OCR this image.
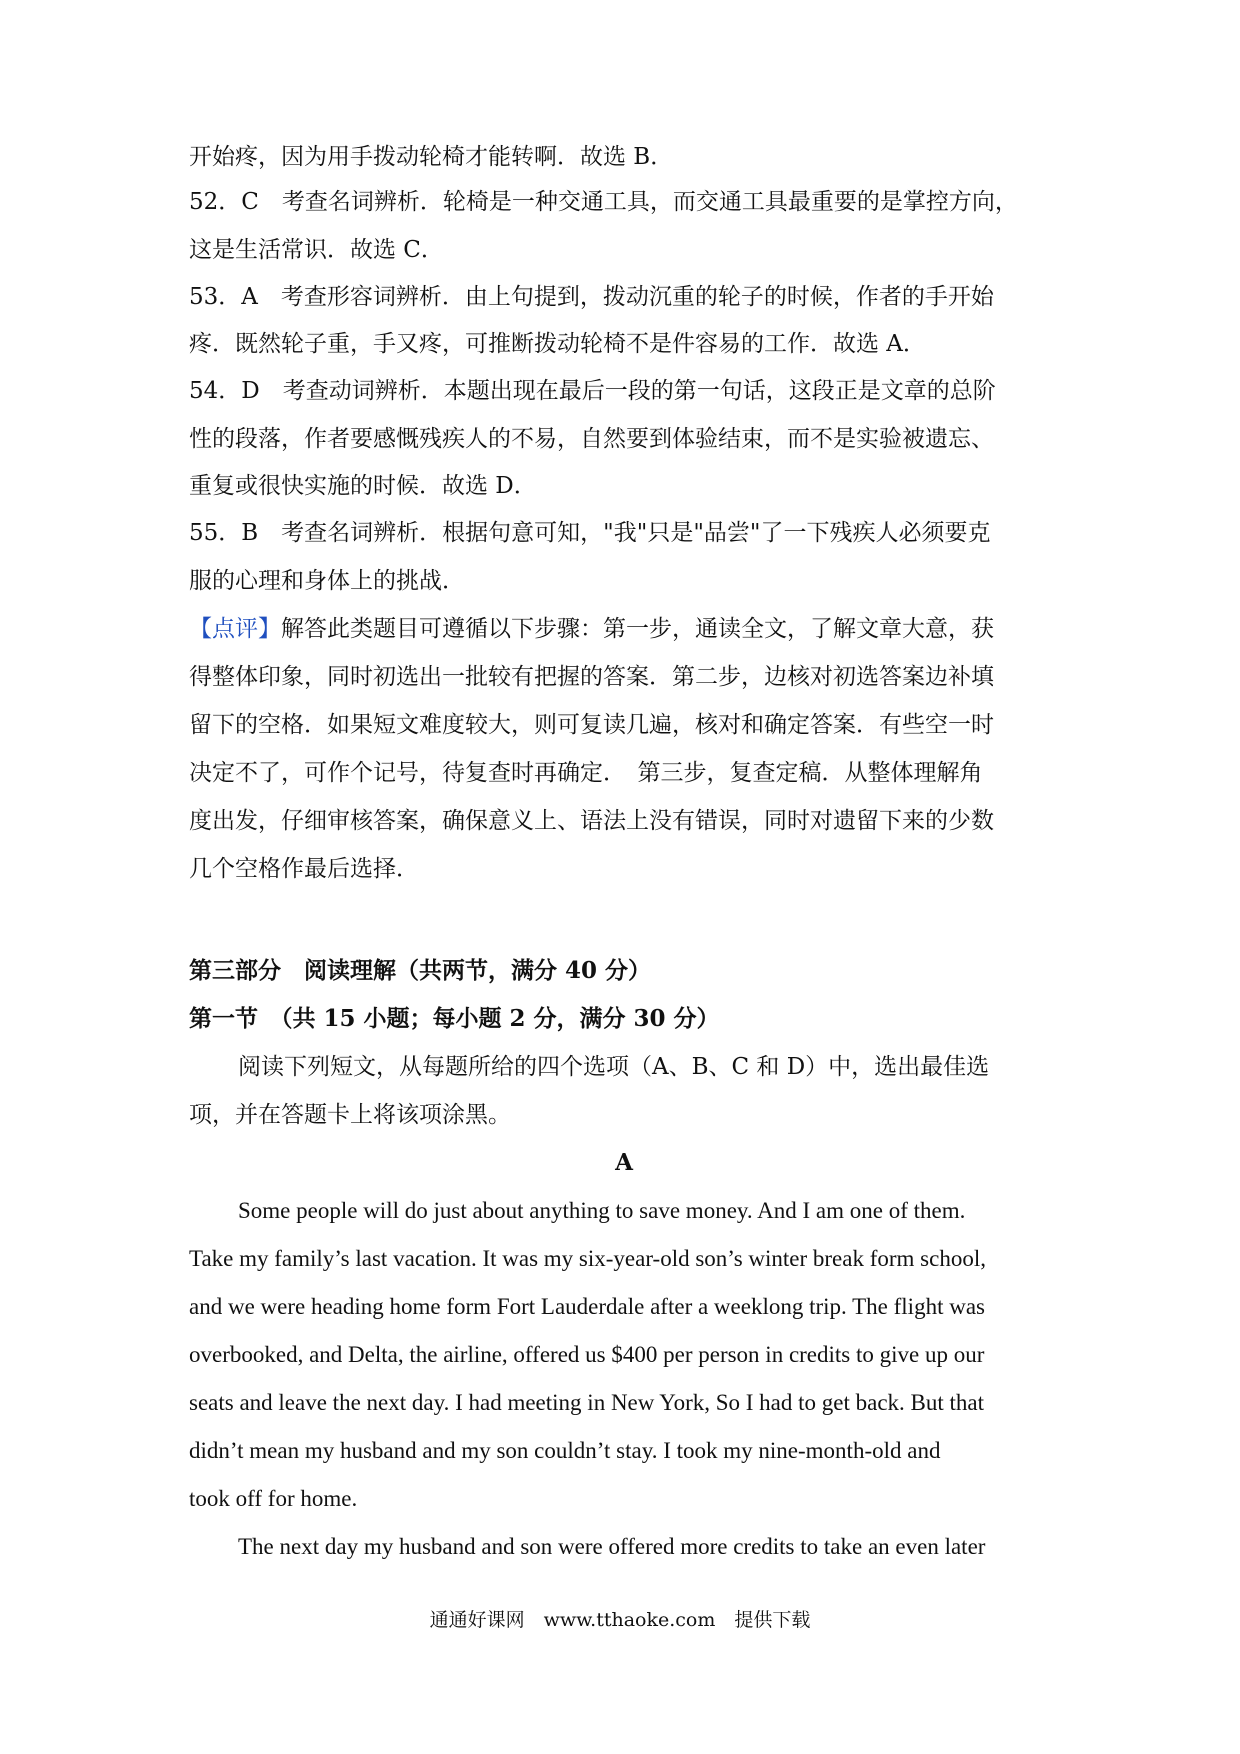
开始疼，因为用手拨动轮椅才能转啊．故选 B．
52．C　考查名词辨析．轮椅是一种交通工具，而交通工具最重要的是掌控方向，
这是生活常识．故选 C．
53．A　考查形容词辨析．由上句提到，拨动沉重的轮子的时候，作者的手开始
疼．既然轮子重，手又疼，可推断拨动轮椅不是件容易的工作．故选 A．
54．D　考查动词辨析．本题出现在最后一段的第一句话，这段正是文章的总阶
性的段落，作者要感慨残疾人的不易，自然要到体验结束，而不是实验被遗忘、
重复或很快实施的时候．故选 D．
55．B　考查名词辨析．根据句意可知，"我"只是"品尝"了一下残疾人必须要克
服的心理和身体上的挑战．
【点评】解答此类题目可遵循以下步骤：第一步，通读全文，了解文章大意，获
得整体印象，同时初选出一批较有把握的答案．第二步，边核对初选答案边补填
留下的空格．如果短文难度较大，则可复读几遍，核对和确定答案．有些空一时
决定不了，可作个记号，待复查时再确定．　第三步，复查定稿．从整体理解角
度出发，仔细审核答案，确保意义上、语法上没有错误，同时对遗留下来的少数
几个空格作最后选择．
第三部分　阅读理解（共两节，满分 40 分）
第一节　（共 15 小题；每小题 2 分，满分 30 分）
阅读下列短文，从每题所给的四个选项（A、B、C 和 D）中，选出最佳选
项，并在答题卡上将该项涂黑。
A
Some people will do just about anything to save money. And I am one of them.
Take my family’s last vacation. It was my six-year-old son’s winter break form school,
and we were heading home form Fort Lauderdale after a weeklong trip. The flight was
overbooked, and Delta, the airline, offered us $400 per person in credits to give up our
seats and leave the next day. I had meeting in New York, So I had to get back. But that
didn’t mean my husband and my son couldn’t stay. I took my nine-month-old and
took off for home.
The next day my husband and son were offered more credits to take an even later
通通好课网　www.tthaoke.com　提供下载
